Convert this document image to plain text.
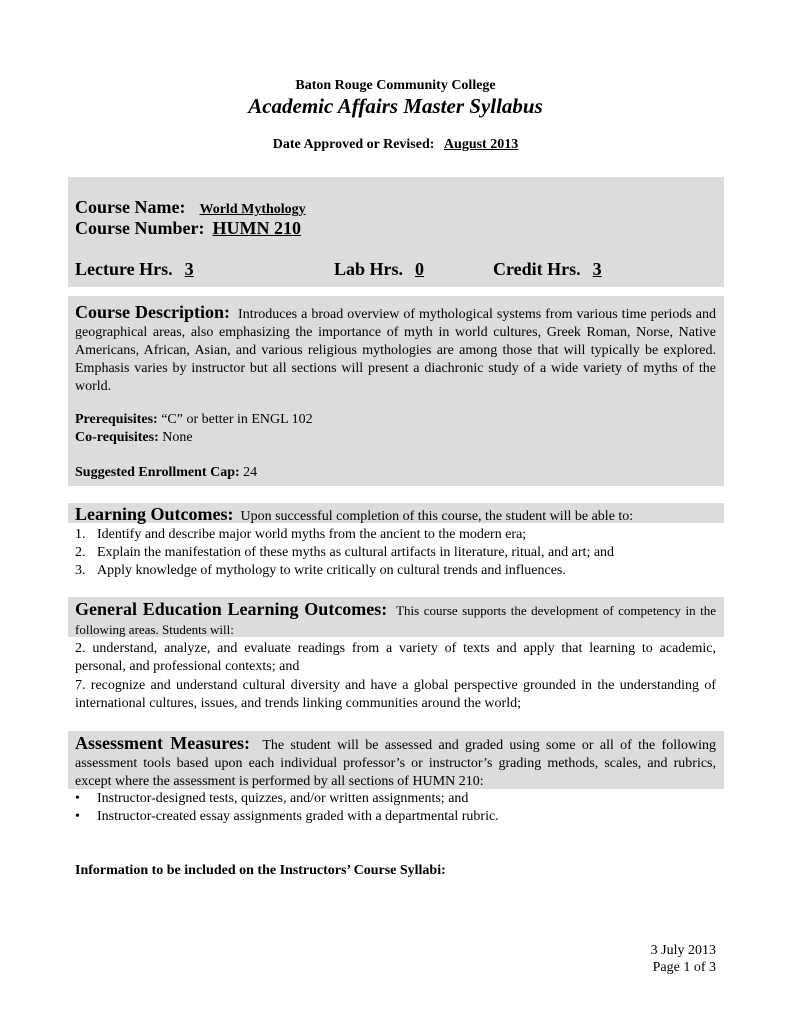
Baton Rouge Community College
Academic Affairs Master Syllabus
Date Approved or Revised: August 2013
Course Name: World Mythology
Course Number: HUMN 210
Lecture Hrs. 3	Lab Hrs. 0	Credit Hrs. 3
Course Description: Introduces a broad overview of mythological systems from various time periods and geographical areas, also emphasizing the importance of myth in world cultures, Greek Roman, Norse, Native Americans, African, Asian, and various religious mythologies are among those that will typically be explored. Emphasis varies by instructor but all sections will present a diachronic study of a wide variety of myths of the world.
Prerequisites: “C” or better in ENGL 102
Co-requisites: None
Suggested Enrollment Cap: 24
Learning Outcomes: Upon successful completion of this course, the student will be able to:
1. Identify and describe major world myths from the ancient to the modern era;
2. Explain the manifestation of these myths as cultural artifacts in literature, ritual, and art; and
3. Apply knowledge of mythology to write critically on cultural trends and influences.
General Education Learning Outcomes: This course supports the development of competency in the following areas. Students will:
2. understand, analyze, and evaluate readings from a variety of texts and apply that learning to academic, personal, and professional contexts; and
7. recognize and understand cultural diversity and have a global perspective grounded in the understanding of international cultures, issues, and trends linking communities around the world;
Assessment Measures: The student will be assessed and graded using some or all of the following assessment tools based upon each individual professor’s or instructor’s grading methods, scales, and rubrics, except where the assessment is performed by all sections of HUMN 210:
• Instructor-designed tests, quizzes, and/or written assignments; and
• Instructor-created essay assignments graded with a departmental rubric.
Information to be included on the Instructors’ Course Syllabi:
3 July 2013
Page 1 of 3
